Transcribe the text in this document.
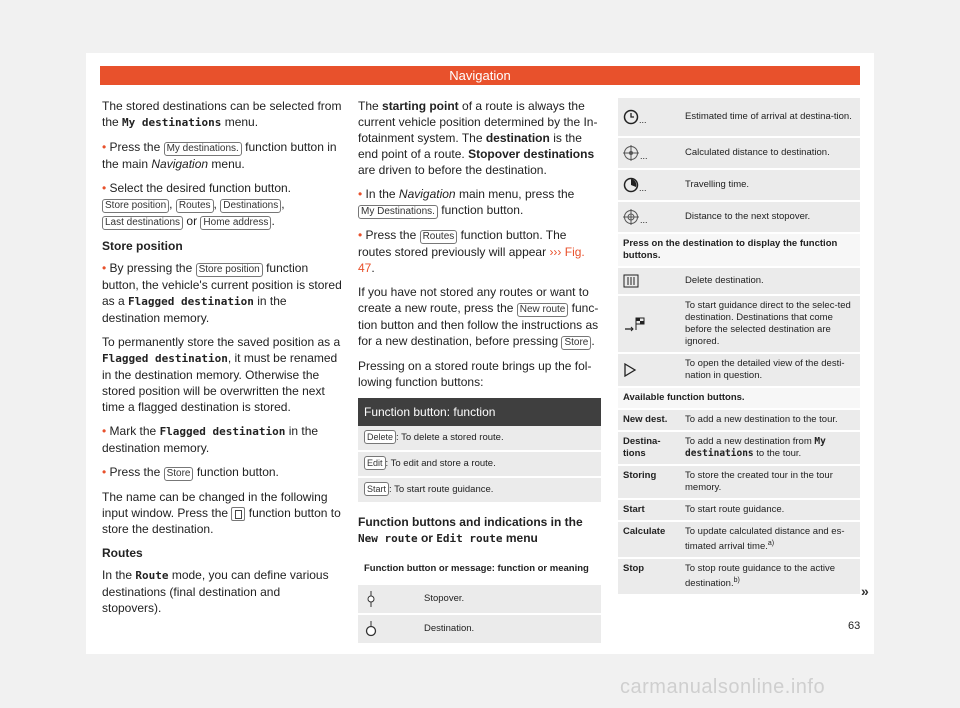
Navigation

The stored destinations can be selected from the My destinations menu.

• Press the My destinations. function button in the main Navigation menu.

• Select the desired function button.
Store position , Routes , Destinations ,
Last destinations or Home address .

Store position

• By pressing the Store position function button, the vehicle's current position is stored as a Flagged destination in the destination memory.

To permanently store the saved position as a Flagged destination, it must be renamed in the destination memory. Otherwise the stored position will be overwritten the next time a flagged destination is stored.

• Mark the Flagged destination in the destination memory.

• Press the Store function button.

The name can be changed in the following input window. Press the  function button to store the destination.

Routes

In the Route mode, you can define various destinations (final destination and stopovers).

The starting point of a route is always the current vehicle position determined by the In-fotainment system. The destination is the end point of a route. Stopover destinations are driven to before the destination.

• In the Navigation main menu, press the My Destinations. function button.

• Press the Routes function button. The routes stored previously will appear ››› Fig. 47.

If you have not stored any routes or want to create a new route, press the New route func-tion button and then follow the instructions as for a new destination, before pressing Store .

Pressing on a stored route brings up the fol-lowing function buttons:

Function button: function
Delete : To delete a stored route.
Edit : To edit and store a route.
Start : To start route guidance.
Function buttons and indications in the New route or Edit route menu
Function button or message: function or meaning	

	Stopover.

	Destination.
...	Estimated time of arrival at destina-tion.

...	Calculated distance to destination.

...	Travelling time.

...	Distance to the next stopover.
Press on the destination to display the function buttons.	

	Delete destination.

	To start guidance direct to the selec-ted destination. Destinations that come before the selected destination are ignored.

	To open the detailed view of the desti-nation in question.
Available function buttons.	
New dest.	To add a new destination to the tour.
Destina-tions	To add a new destination from My destinations to the tour.
Storing	To store the created tour in the tour memory.
Start	To start route guidance.
Calculate	To update calculated distance and es-timated arrival time.$^{a)}$
Stop	To stop route guidance to the active destination.$^{b)}$
»
63
carmanualsonline.info
